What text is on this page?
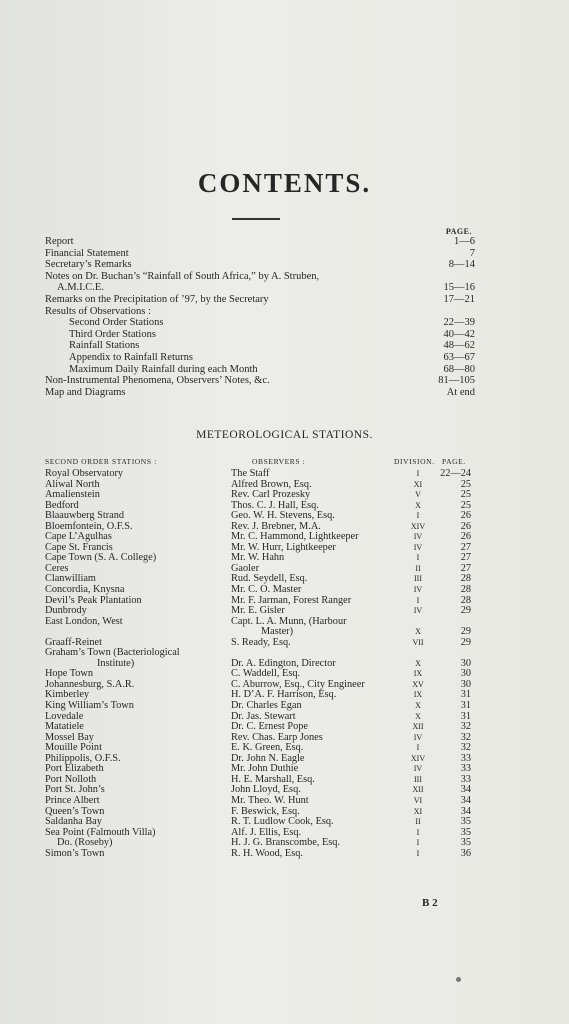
CONTENTS.
PAGE.
Report	1—6
Financial Statement	7
Secretary’s Remarks	8—14
Notes on Dr. Buchan’s “Rainfall of South Africa,” by A. Struben,
A.M.I.C.E.	15—16
Remarks on the Precipitation of ’97, by the Secretary	17—21
Results of Observations :
Second Order Stations	22—39
Third Order Stations	40—42
Rainfall Stations	48—62
Appendix to Rainfall Returns	63—67
Maximum Daily Rainfall during each Month	68—80
Non-Instrumental Phenomena, Observers’ Notes, &c.	81—105
Map and Diagrams	At end
METEOROLOGICAL STATIONS.
SECOND ORDER STATIONS :	OBSERVERS :	DIVISION. PAGE.
Royal Observatory	The Staff	I	22—24
Aliwal North	Alfred Brown, Esq.	XI	25
Amalienstein	Rev. Carl Prozesky	V	25
Bedford	Thos. C. J. Hall, Esq.	X	25
Blaauwberg Strand	Geo. W. H. Stevens, Esq.	I	26
Bloemfontein, O.F.S.	Rev. J. Brebner, M.A.	XIV	26
Cape L’Agulhas	Mr. C. Hammond, Lightkeeper	IV	26
Cape St. Francis	Mr. W. Hurr, Lightkeeper	IV	27
Cape Town (S. A. College)	Mr. W. Hahn	I	27
Ceres	Gaoler	II	27
Clanwilliam	Rud. Seydell, Esq.	III	28
Concordia, Knysna	Mr. C. O. Master	IV	28
Devil’s Peak Plantation	Mr. F. Jarman, Forest Ranger	I	28
Dunbrody	Mr. E. Gisler	IV	29
East London, West	Capt. L. A. Munn, (Harbour
Master)	X	29
Graaff-Reinet	S. Ready, Esq.	VII	29
Graham’s Town (Bacteriological
Institute)	Dr. A. Edington, Director	X	30
Hope Town	C. Waddell, Esq.	IX	30
Johannesburg, S.A.R.	C. Aburrow, Esq., City Engineer	XV	30
Kimberley	H. D’A. F. Harrison, Esq.	IX	31
King William’s Town	Dr. Charles Egan	X	31
Lovedale	Dr. Jas. Stewart	X	31
Matatiele	Dr. C. Ernest Pope	XII	32
Mossel Bay	Rev. Chas. Earp Jones	IV	32
Mouille Point	E. K. Green, Esq.	I	32
Philippolis, O.F.S.	Dr. John N. Eagle	XIV	33
Port Elizabeth	Mr. John Duthie	IV	33
Port Nolloth	H. E. Marshall, Esq.	III	33
Port St. John’s	John Lloyd, Esq.	XII	34
Prince Albert	Mr. Theo. W. Hunt	VI	34
Queen’s Town	F. Beswick, Esq.	XI	34
Saldanha Bay	R. T. Ludlow Cook, Esq.	II	35
Sea Point (Falmouth Villa)	Alf. J. Ellis, Esq.	I	35
Do. (Roseby)	H. J. G. Branscombe, Esq.	I	35
Simon’s Town	R. H. Wood, Esq.	I	36
B 2
